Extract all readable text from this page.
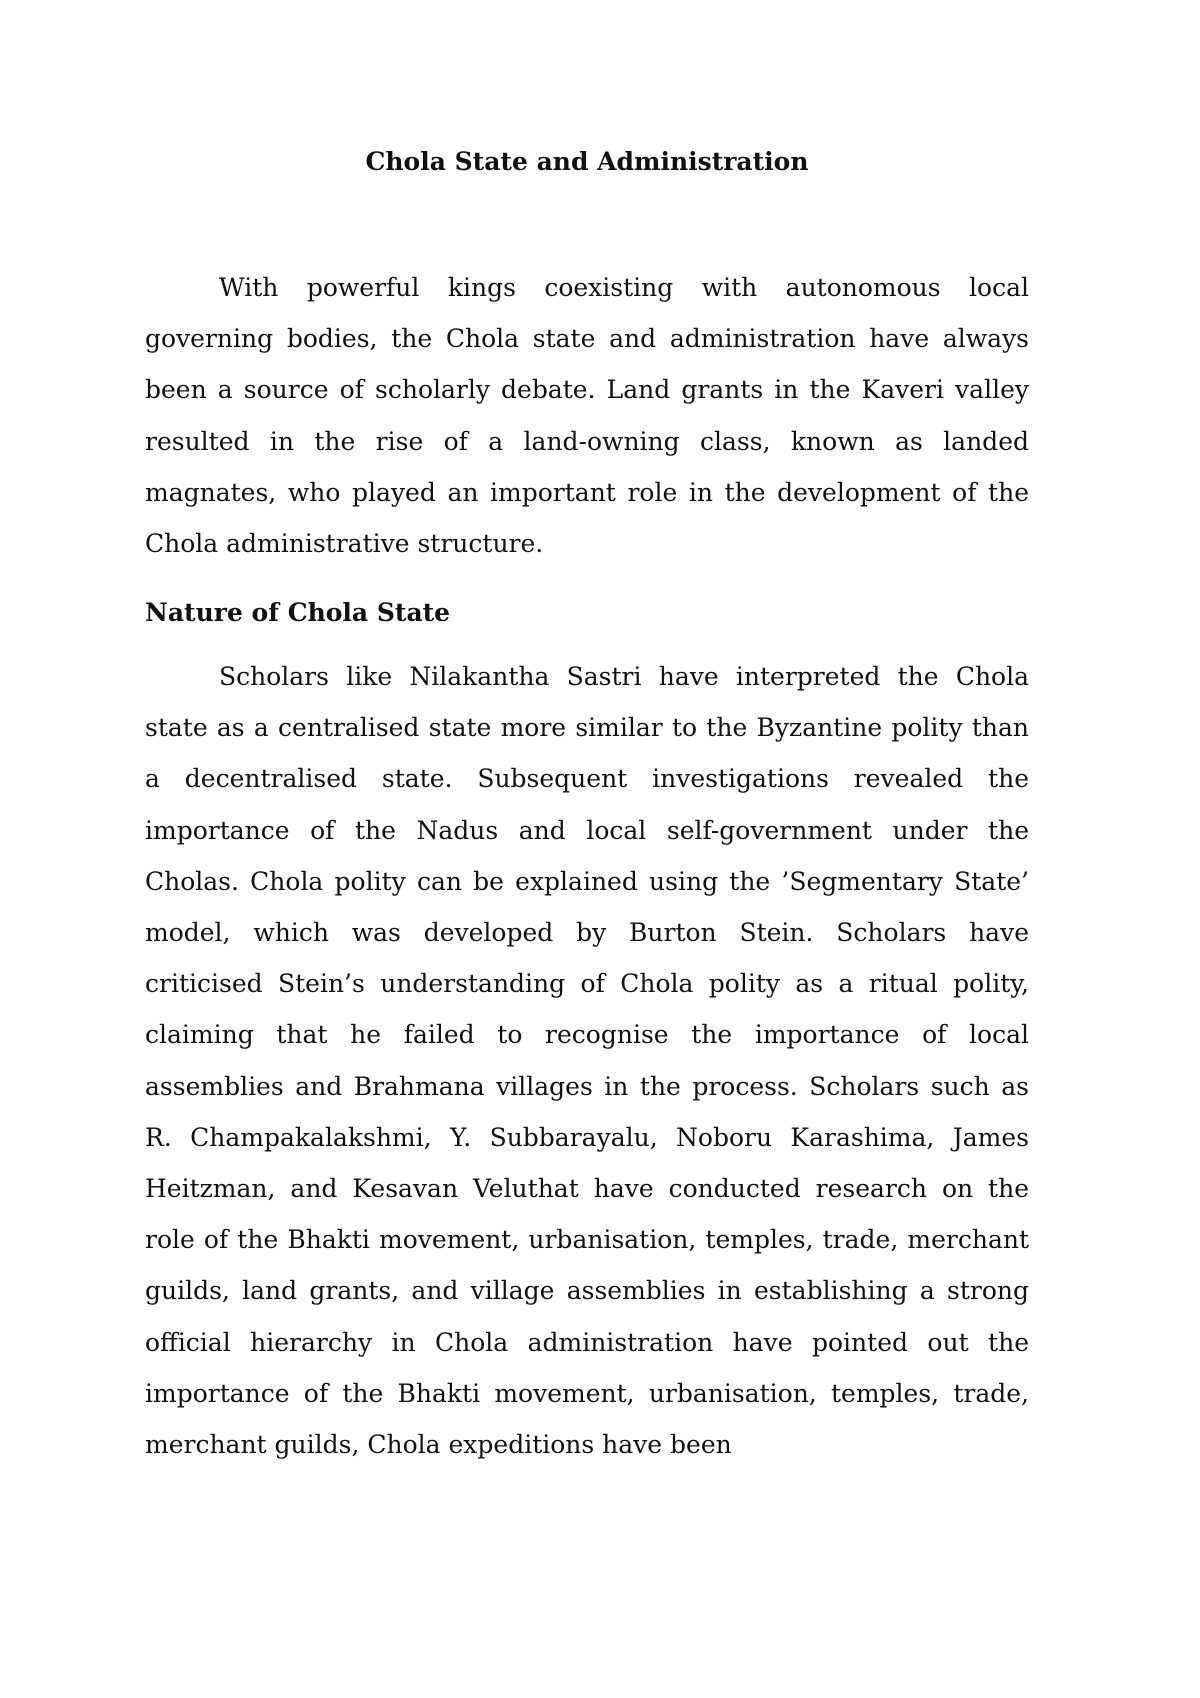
Chola State and Administration

With powerful kings coexisting with autonomous local governing bodies, the Chola state and administration have always been a source of scholarly debate. Land grants in the Kaveri valley resulted in the rise of a land-owning class, known as landed magnates, who played an important role in the development of the Chola administrative structure.

Nature of Chola State

Scholars like Nilakantha Sastri have interpreted the Chola state as a centralised state more similar to the Byzantine polity than a decentralised state. Subsequent investigations revealed the importance of the Nadus and local self-government under the Cholas. Chola polity can be explained using the ’Segmentary State’ model, which was developed by Burton Stein. Scholars have criticised Stein’s understanding of Chola polity as a ritual polity, claiming that he failed to recognise the importance of local assemblies and Brahmana villages in the process. Scholars such as R. Champakalakshmi, Y. Subbarayalu, Noboru Karashima, James Heitzman, and Kesavan Veluthat have conducted research on the role of the Bhakti movement, urbanisation, temples, trade, merchant guilds, land grants, and village assemblies in establishing a strong official hierarchy in Chola administration have pointed out the importance of the Bhakti movement, urbanisation, temples, trade, merchant guilds, Chola expeditions have been
